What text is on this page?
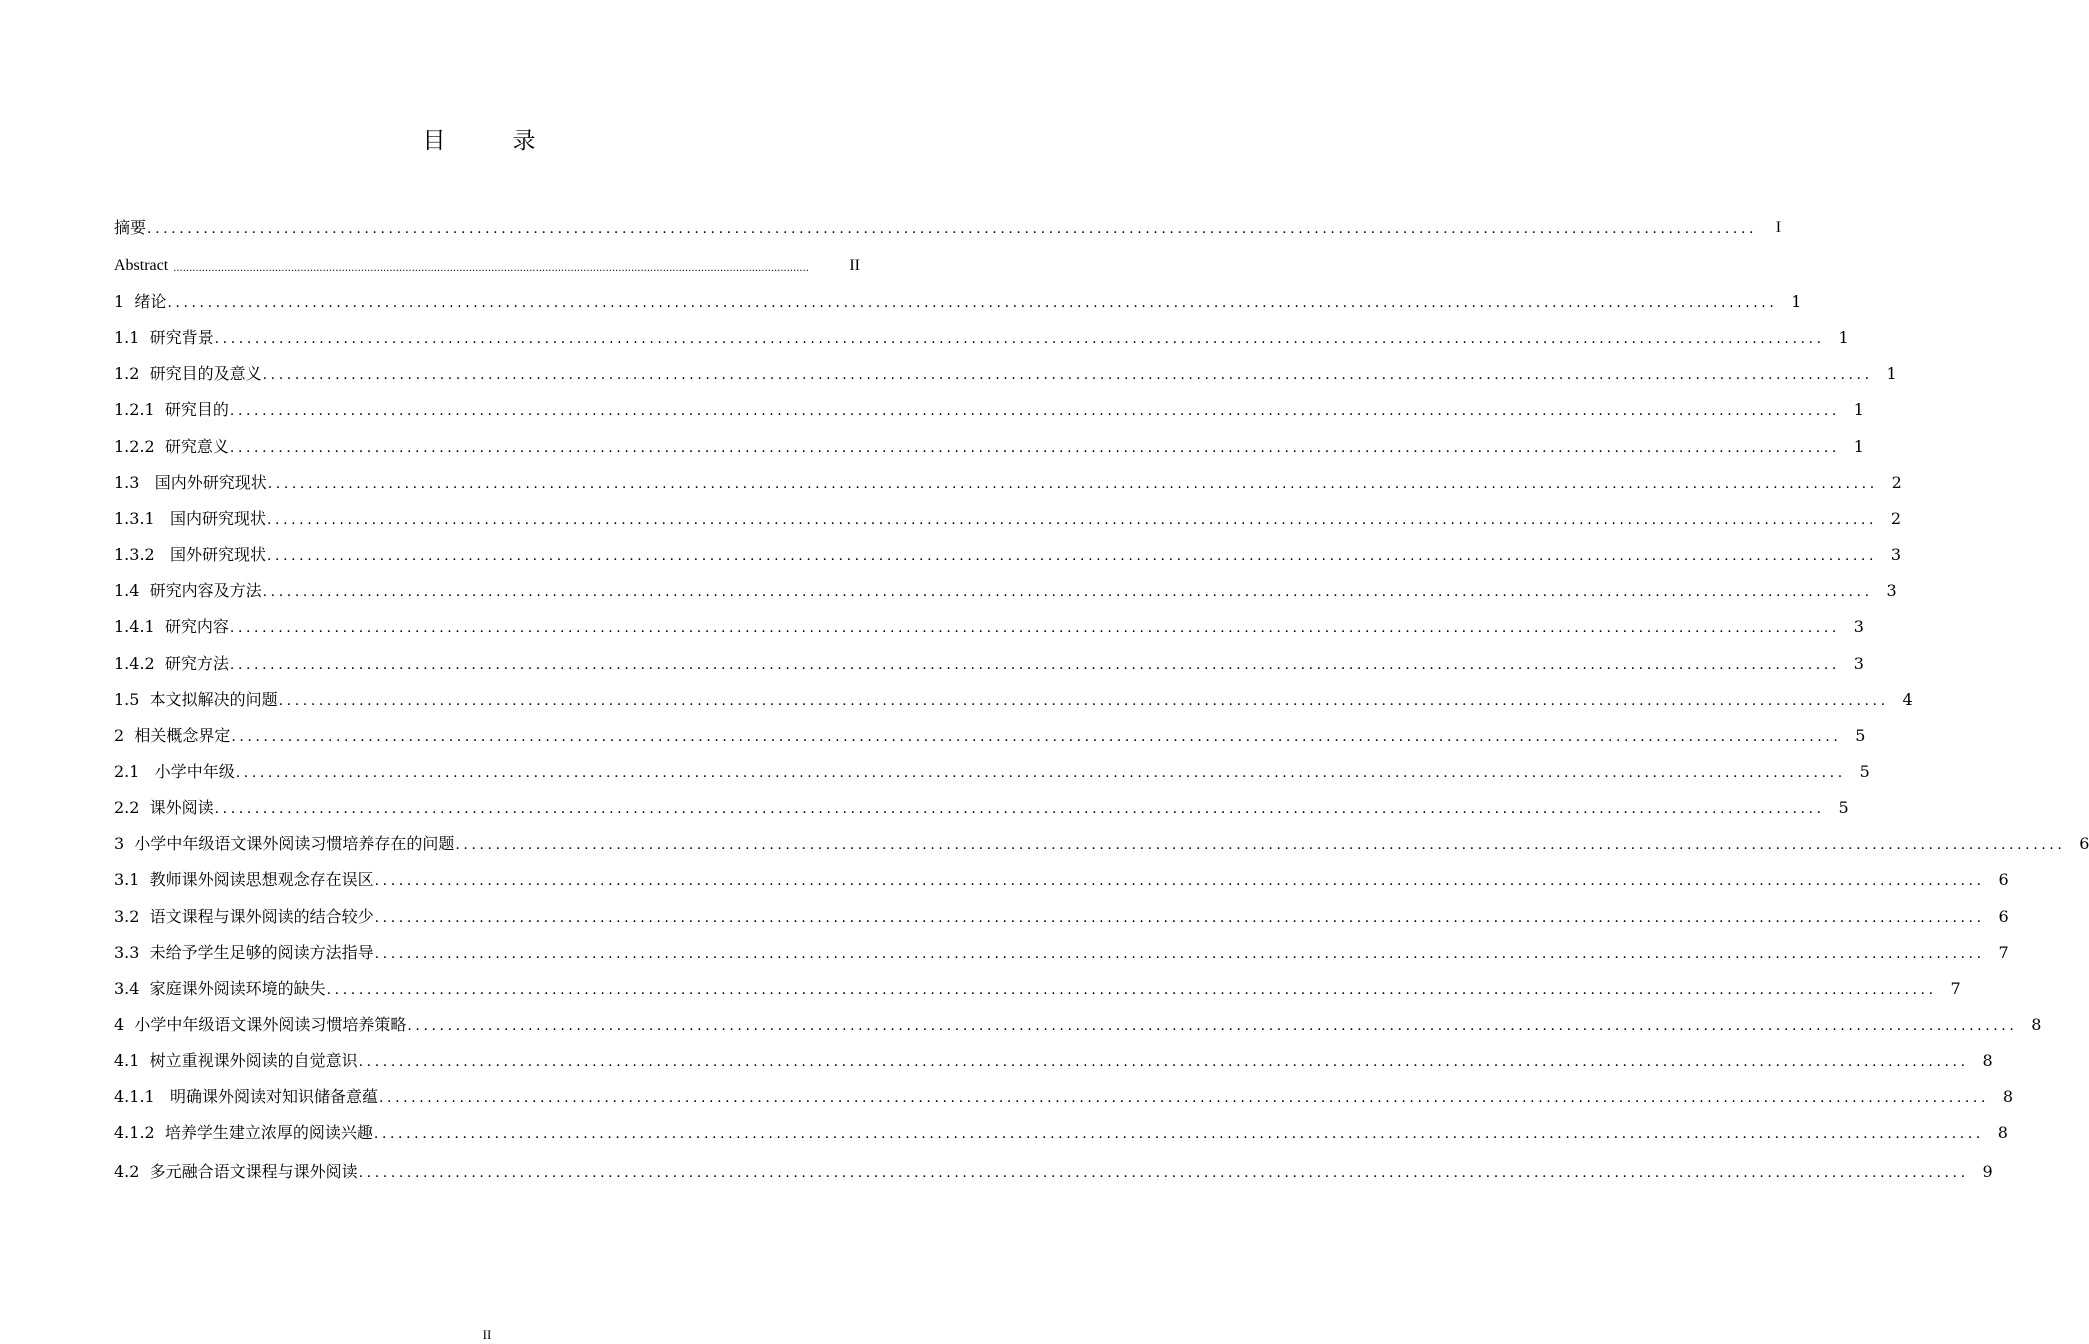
目　录
摘要 ........................................................................................................................................................................................................	I
Abstract ........................................................................................................................................................................................................	II
1  绪论 ........................................................................................................................................................................................................ 1
1.1  研究背景 ........................................................................................................................................................................................................ 1
1.2  研究目的及意义 ........................................................................................................................................................................................................ 1
1.2.1  研究目的 ........................................................................................................................................................................................................ 1
1.2.2  研究意义 ........................................................................................................................................................................................................ 1
1.3   国内外研究现状 ........................................................................................................................................................................................................ 2
1.3.1   国内研究现状 ........................................................................................................................................................................................................ 2
1.3.2   国外研究现状 ........................................................................................................................................................................................................ 3
1.4  研究内容及方法 ........................................................................................................................................................................................................ 3
1.4.1  研究内容 ........................................................................................................................................................................................................ 3
1.4.2  研究方法 ........................................................................................................................................................................................................ 3
1.5  本文拟解决的问题 ........................................................................................................................................................................................................ 4
2  相关概念界定 ........................................................................................................................................................................................................ 5
2.1   小学中年级 ........................................................................................................................................................................................................ 5
2.2  课外阅读 ........................................................................................................................................................................................................ 5
3  小学中年级语文课外阅读习惯培养存在的问题 ........................................................................................................................................................................................................ 6
3.1  教师课外阅读思想观念存在误区 ........................................................................................................................................................................................................ 6
3.2  语文课程与课外阅读的结合较少 ........................................................................................................................................................................................................ 6
3.3  未给予学生足够的阅读方法指导 ........................................................................................................................................................................................................ 7
3.4  家庭课外阅读环境的缺失 ........................................................................................................................................................................................................ 7
4  小学中年级语文课外阅读习惯培养策略 ........................................................................................................................................................................................................ 8
4.1  树立重视课外阅读的自觉意识 ........................................................................................................................................................................................................ 8
4.1.1   明确课外阅读对知识储备意蕴 ........................................................................................................................................................................................................ 8
4.1.2  培养学生建立浓厚的阅读兴趣 ........................................................................................................................................................................................................ 8
4.2  多元融合语文课程与课外阅读 ........................................................................................................................................................................................................ 9
II
